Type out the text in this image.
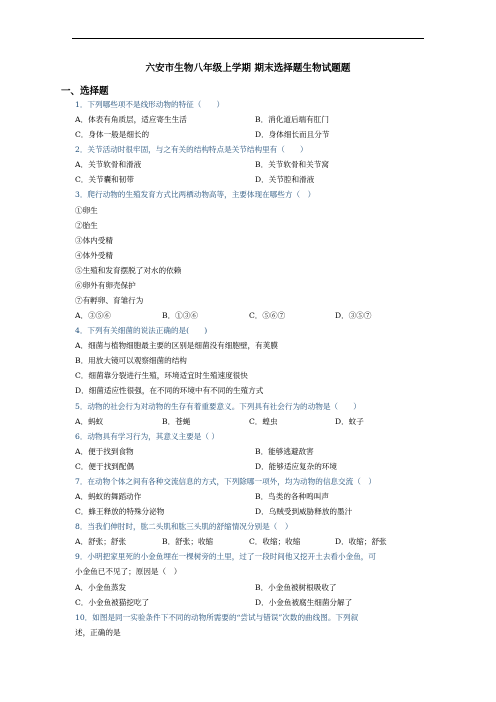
六安市生物八年级上学期 期末选择题生物试题题
一、选择题
1．下列哪些项不是线形动物的特征（　　）
A．体表有角质层，适应寄生生活	B．消化道后端有肛门
C．身体一般是细长的	D．身体细长而且分节
2．关节活动时很牢固，与之有关的结构特点是关节结构里有（　　）
A．关节软骨和滑液	B．关节软骨和关节窝
C．关节囊和韧带	D．关节腔和滑液
3．爬行动物的生殖发育方式比两栖动物高等，主要体现在哪些方（　）
①卵生
②胎生
③体内受精
④体外受精
⑤生殖和发育摆脱了对水的依赖
⑥卵外有卵壳保护
⑦有孵卵、育雏行为
A．③⑤⑥	B．①③⑥	C．⑤⑥⑦	D．③⑤⑦
4．下列有关细菌的说法正确的是(　　)
A．细菌与植物细胞最主要的区别是细菌没有细胞壁，有荚膜
B．用放大镜可以观察细菌的结构
C．细菌靠分裂进行生殖，环境适宜时生殖速度很快
D．细菌适应性很强，在不同的环境中有不同的生殖方式
5．动物的社会行为对动物的生存有着重要意义。下列具有社会行为的动物是（　　）
A．蚂蚁	B．苍蝇	C．蝗虫	D．蚊子
6．动物具有学习行为，其意义主要是（ ）
A．便于找到食物	B．能够逃避敌害
C．便于找到配偶	D．能够适应复杂的环境
7．在动物个体之间有各种交流信息的方式，下列除哪一项外，均为动物的信息交流（　）
A．蚂蚁的舞蹈动作	B．鸟类的各种鸣叫声
C．蜂王释放的特殊分泌物	D．乌贼受到威胁释放的墨汁
8．当我们伸肘时，肱二头肌和肱三头肌的舒缩情况分别是（　）
A．舒张；舒张	B．舒张；收缩	C．收缩；收缩	D．收缩；舒张
9．小明把家里死的小金鱼埋在一棵树旁的土里，过了一段时间他又挖开土去看小金鱼，可
小金鱼已不见了；原因是（　）
A．小金鱼蒸发	B．小金鱼被树根吸收了
C．小金鱼被猫挖吃了	D．小金鱼被腐生细菌分解了
10．如图是同一实验条件下不同的动物所需要的“尝试与错误”次数的曲线图。下列叙
述，正确的是
